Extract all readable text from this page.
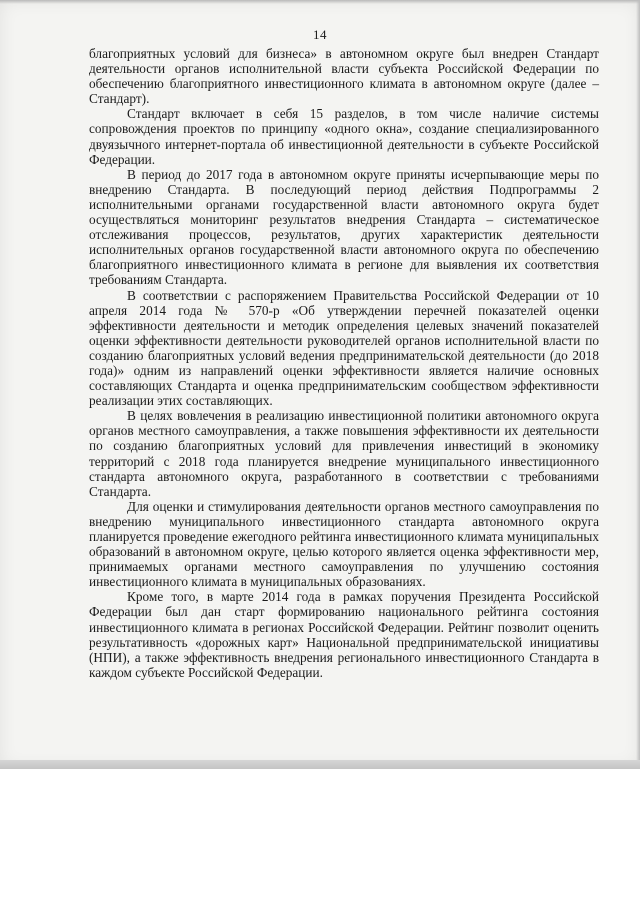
14

благоприятных условий для бизнеса» в автономном округе был внедрен Стандарт деятельности органов исполнительной власти субъекта Российской Федерации по обеспечению благоприятного инвестиционного климата в автономном округе (далее – Стандарт).

Стандарт включает в себя 15 разделов, в том числе наличие системы сопровождения проектов по принципу «одного окна», создание специализированного двуязычного интернет-портала об инвестиционной деятельности в субъекте Российской Федерации.

В период до 2017 года в автономном округе приняты исчерпывающие меры по внедрению Стандарта. В последующий период действия Подпрограммы 2 исполнительными органами государственной власти автономного округа будет осуществляться мониторинг результатов внедрения Стандарта – систематическое отслеживания процессов, результатов, других характеристик деятельности исполнительных органов государственной власти автономного округа по обеспечению благоприятного инвестиционного климата в регионе для выявления их соответствия требованиям Стандарта.

В соответствии с распоряжением Правительства Российской Федерации от 10 апреля 2014 года № 570-р «Об утверждении перечней показателей оценки эффективности деятельности и методик определения целевых значений показателей оценки эффективности деятельности руководителей органов исполнительной власти по созданию благоприятных условий ведения предпринимательской деятельности (до 2018 года)» одним из направлений оценки эффективности является наличие основных составляющих Стандарта и оценка предпринимательским сообществом эффективности реализации этих составляющих.

В целях вовлечения в реализацию инвестиционной политики автономного округа органов местного самоуправления, а также повышения эффективности их деятельности по созданию благоприятных условий для привлечения инвестиций в экономику территорий с 2018 года планируется внедрение муниципального инвестиционного стандарта автономного округа, разработанного в соответствии с требованиями Стандарта.

Для оценки и стимулирования деятельности органов местного самоуправления по внедрению муниципального инвестиционного стандарта автономного округа планируется проведение ежегодного рейтинга инвестиционного климата муниципальных образований в автономном округе, целью которого является оценка эффективности мер, принимаемых органами местного самоуправления по улучшению состояния инвестиционного климата в муниципальных образованиях.

Кроме того, в марте 2014 года в рамках поручения Президента Российской Федерации был дан старт формированию национального рейтинга состояния инвестиционного климата в регионах Российской Федерации. Рейтинг позволит оценить результативность «дорожных карт» Национальной предпринимательской инициативы (НПИ), а также эффективность внедрения регионального инвестиционного Стандарта в каждом субъекте Российской Федерации.
